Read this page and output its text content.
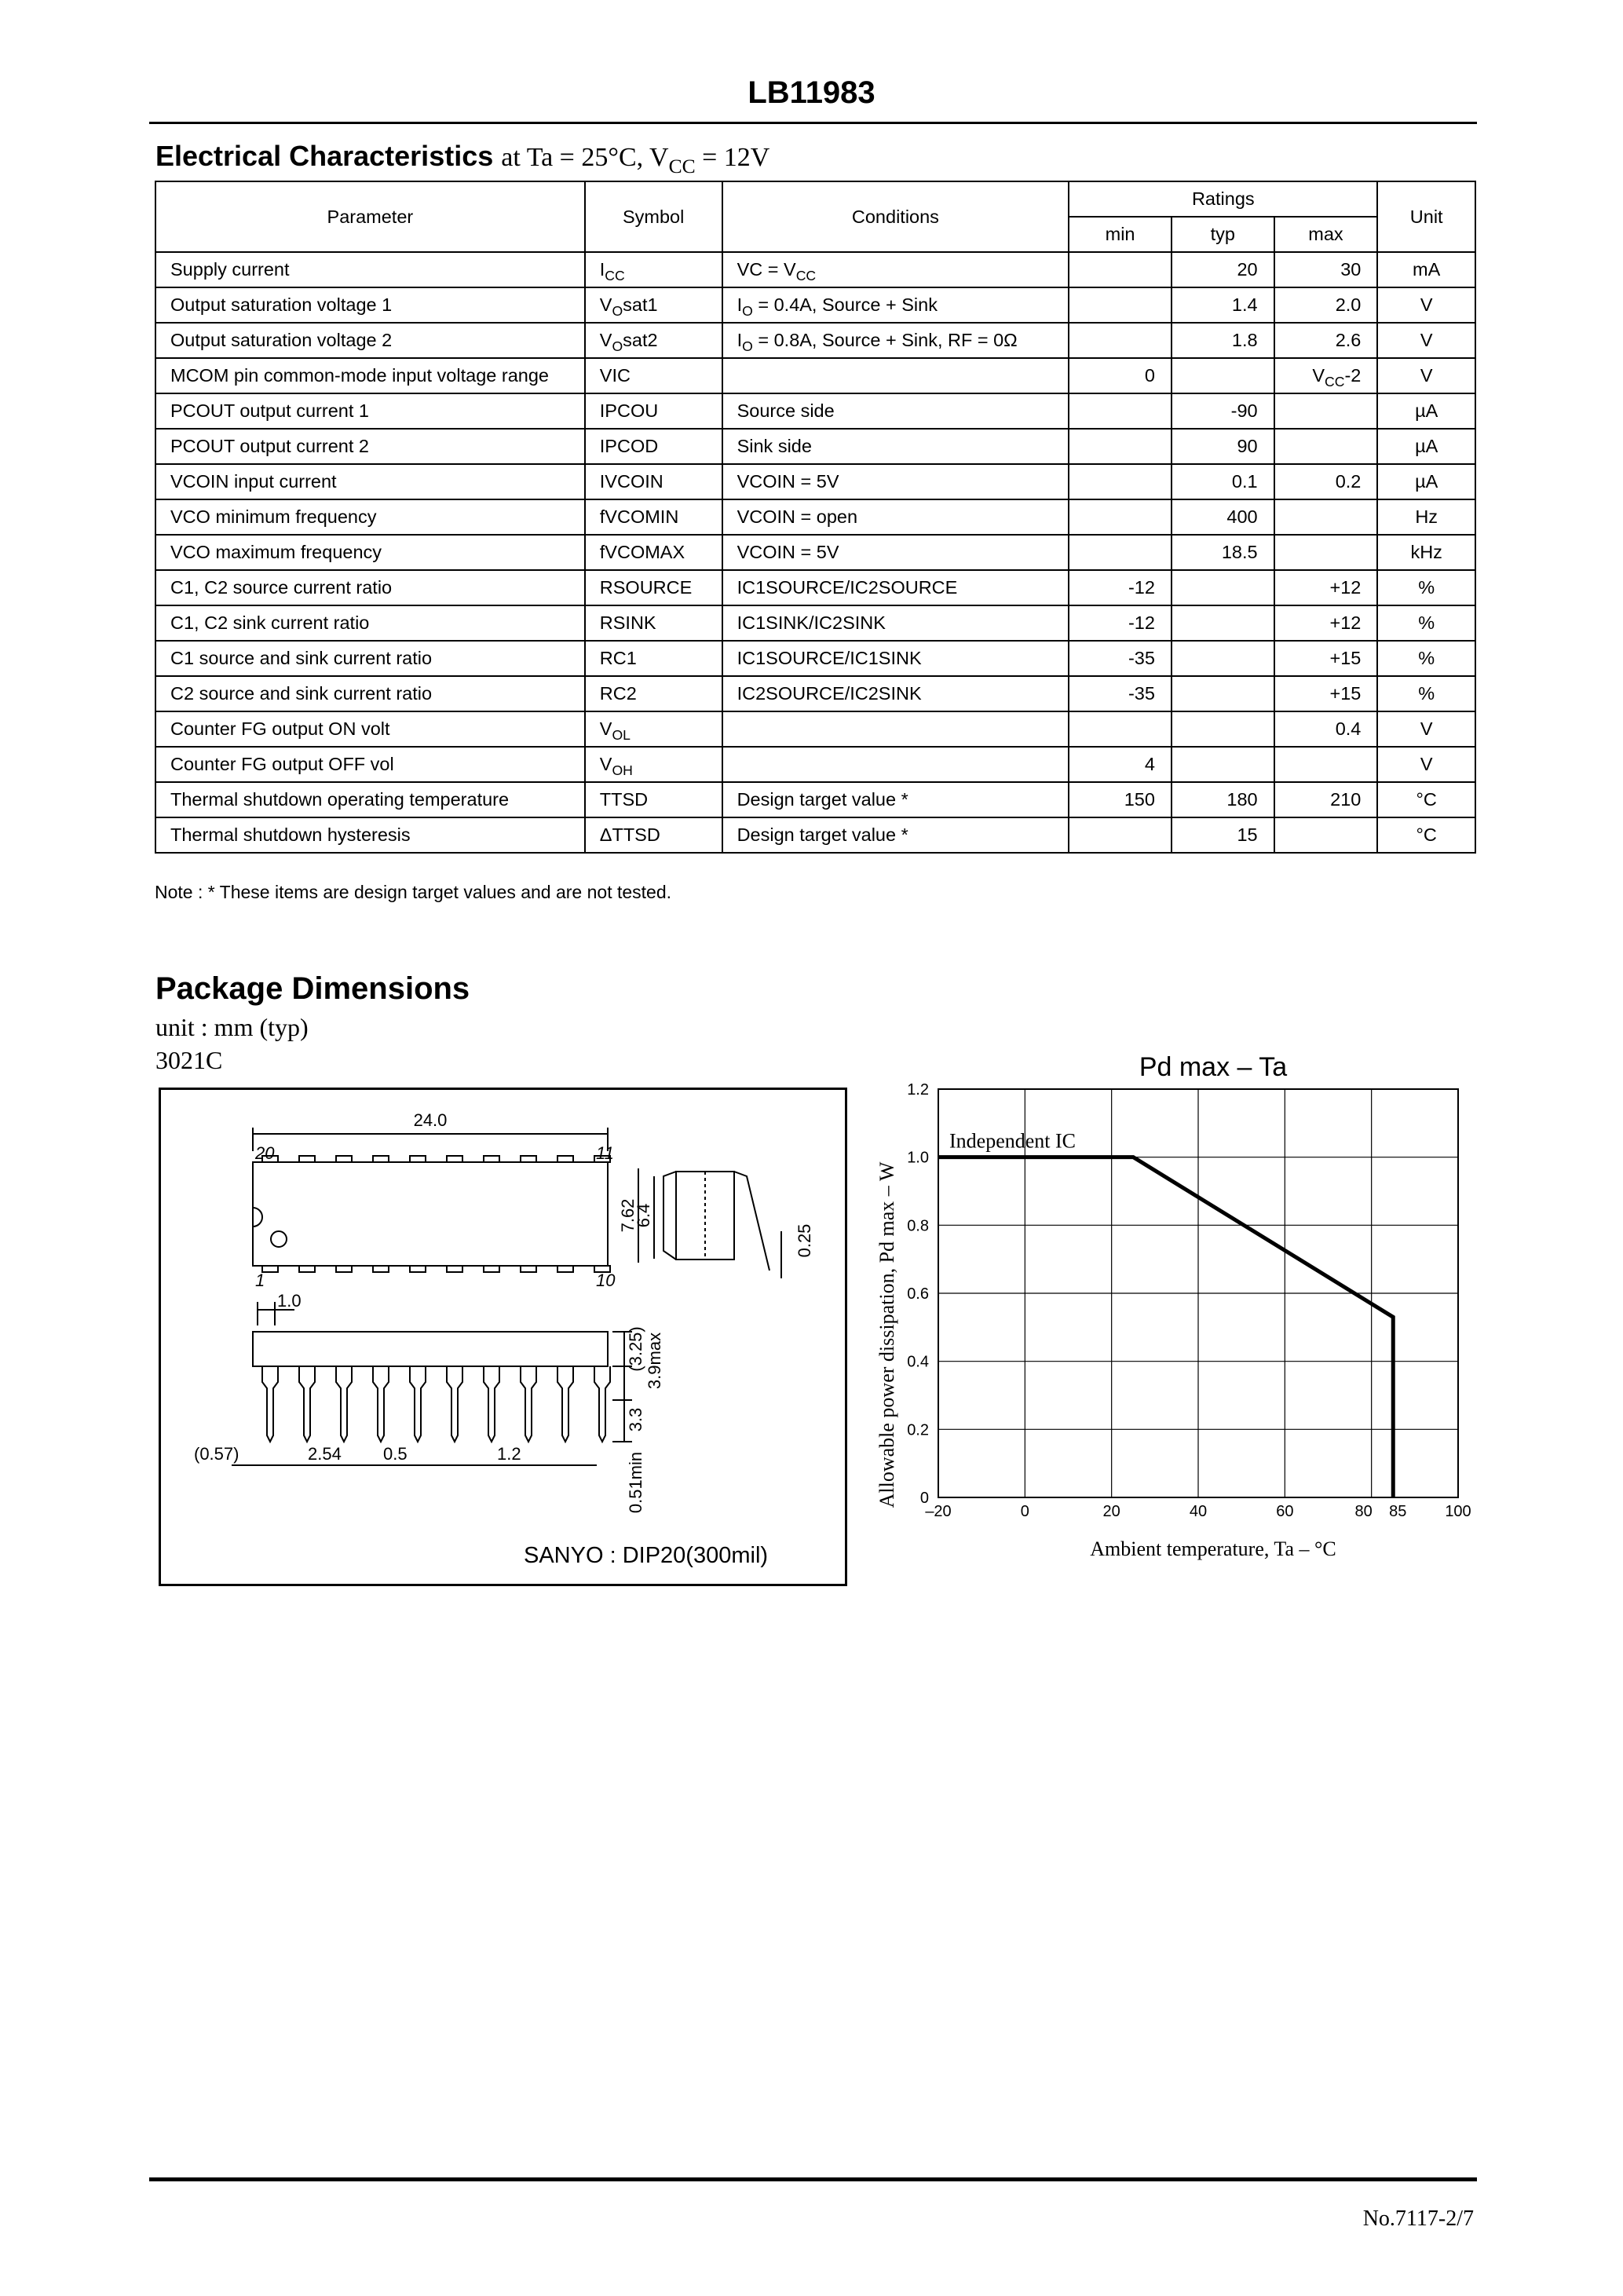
LB11983
Electrical Characteristics at Ta = 25°C, $V_{CC} = 12V$
Parameter	Symbol	Conditions	Ratings			Unit
			min	typ	max	
Supply current	$I_{CC}$	VC = $V_{CC}$		20	30	mA
Output saturation voltage 1	$V_Osat1$	$I_O = 0.4A$, Source + Sink		1.4	2.0	V
Output saturation voltage 2	$V_Osat2$	$I_O = 0.8A$, Source + Sink, RF = 0Ω		1.8	2.6	V
MCOM pin common-mode input voltage range	VIC		0		$V_{CC}-2$	V
PCOUT output current 1	IPCOU	Source side		-90		µA
PCOUT output current 2	IPCOD	Sink side		90		µA
VCOIN input current	IVCOIN	VCOIN = 5V		0.1	0.2	µA
VCO minimum frequency	fVCOMIN	VCOIN = open		400		Hz
VCO maximum frequency	fVCOMAX	VCOIN = 5V		18.5		kHz
C1, C2 source current ratio	RSOURCE	IC1SOURCE/IC2SOURCE	-12		+12	%
C1, C2 sink current ratio	RSINK	IC1SINK/IC2SINK	-12		+12	%
C1 source and sink current ratio	RC1	IC1SOURCE/IC1SINK	-35		+15	%
C2 source and sink current ratio	RC2	IC2SOURCE/IC2SINK	-35		+15	%
Counter FG output ON volt	$V_{OL}$				0.4	V
Counter FG output OFF vol	$V_{OH}$		4			V
Thermal shutdown operating temperature	TTSD	Design target value *	150	180	210	°C
Thermal shutdown hysteresis	ΔTTSD	Design target value *		15		°C
Note : * These items are design target values and are not tested.
Package Dimensions
unit : mm (typ)
3021C
24.0
20	11
1	10
7.62
6.4
0.25
1.0
(3.25) 3.9max
3.3
0.51min
(0.57)	2.54 0.5	1.2
SANYO : DIP20(300mil)
Pd max – Ta
–20	0	20	40	60	80 85 100
0
0.2
0.4
0.6
0.8
1.0
1.2
Independent IC
Ambient temperature, Ta – °C
Allowable power dissipation, Pd max – W
No.7117-2/7
